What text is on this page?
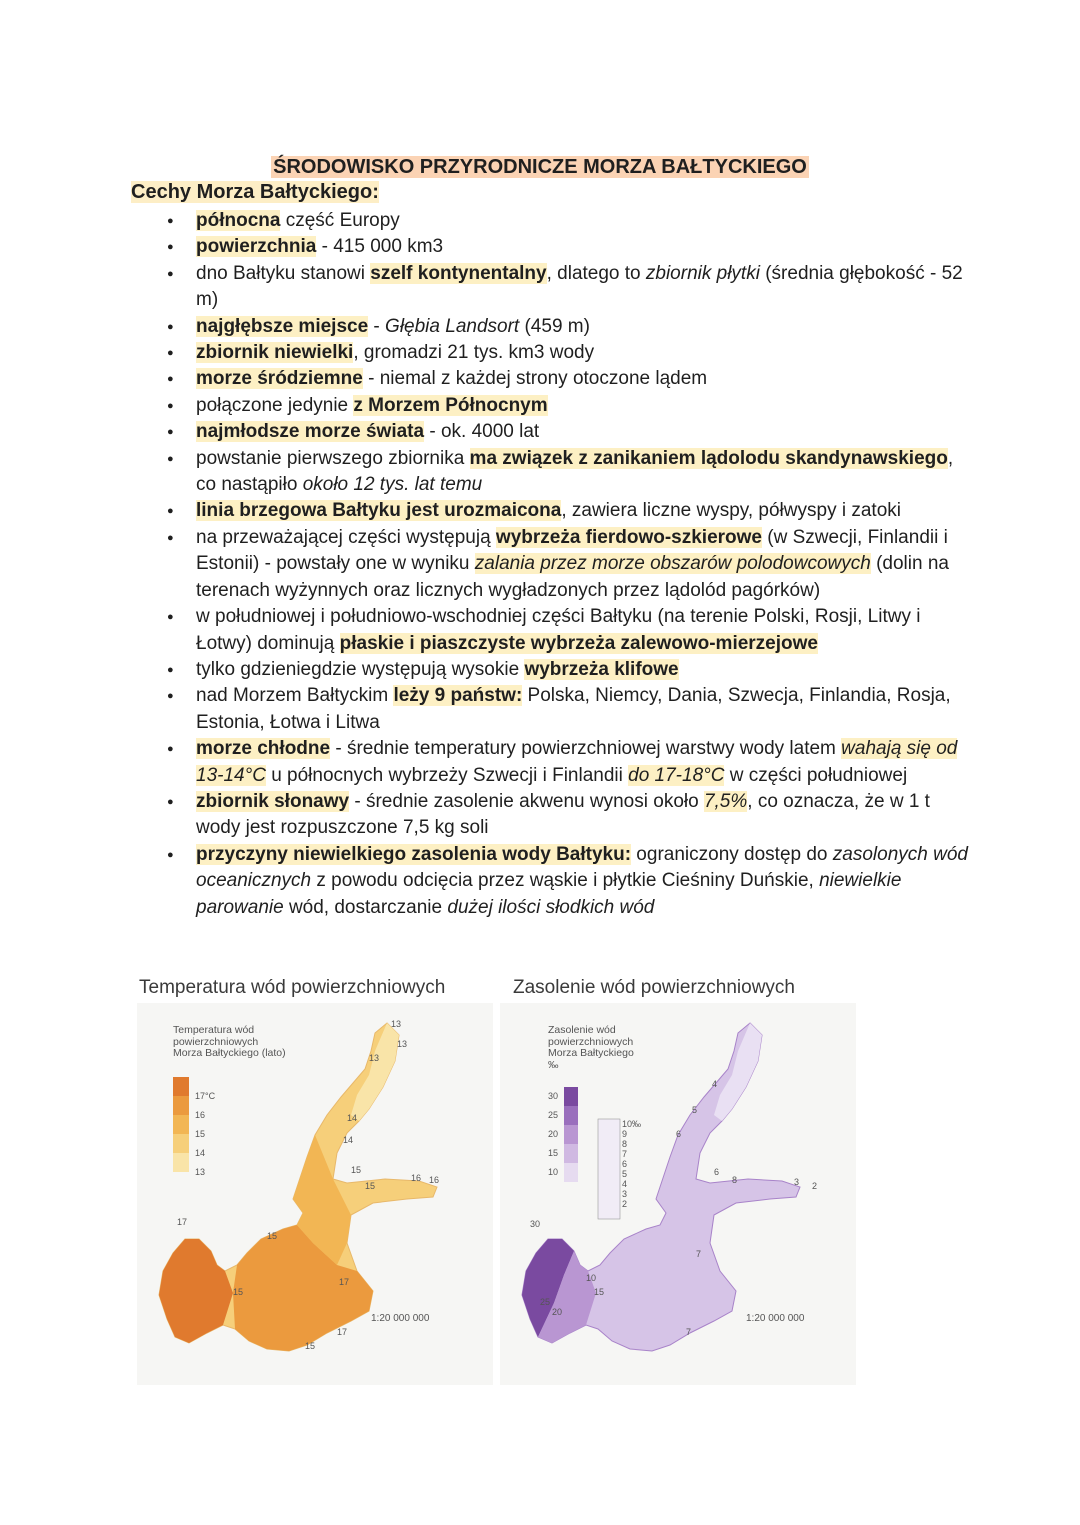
ŚRODOWISKO PRZYRODNICZE MORZA BAŁTYCKIEGO
Cechy Morza Bałtyckiego:
● północna część Europy
● powierzchnia - 415 000 km3
● dno Bałtyku stanowi szelf kontynentalny, dlatego to zbiornik płytki (średnia głębokość - 52 m)
● najgłębsze miejsce - Głębia Landsort (459 m)
● zbiornik niewielki, gromadzi 21 tys. km3 wody
● morze śródziemne - niemal z każdej strony otoczone lądem
● połączone jedynie z Morzem Północnym
● najmłodsze morze świata - ok. 4000 lat
● powstanie pierwszego zbiornika ma związek z zanikaniem lądolodu skandynawskiego, co nastąpiło około 12 tys. lat temu
● linia brzegowa Bałtyku jest urozmaicona, zawiera liczne wyspy, półwyspy i zatoki
● na przeważającej części występują wybrzeża fierdowo-szkierowe (w Szwecji, Finlandii i Estonii) - powstały one w wyniku zalania przez morze obszarów polodowcowych (dolin na terenach wyżynnych oraz licznych wygładzonych przez lądolód pagórków)
● w południowej i południowo-wschodniej części Bałtyku (na terenie Polski, Rosji, Litwy i Łotwy) dominują płaskie i piaszczyste wybrzeża zalewowo-mierzejowe
● tylko gdzieniegdzie występują wysokie wybrzeża klifowe
● nad Morzem Bałtyckim leży 9 państw: Polska, Niemcy, Dania, Szwecja, Finlandia, Rosja, Estonia, Łotwa i Litwa
● morze chłodne - średnie temperatury powierzchniowej warstwy wody latem wahają się od 13-14°C u północnych wybrzeży Szwecji i Finlandii do 17-18°C w części południowej
● zbiornik słonawy - średnie zasolenie akwenu wynosi około 7,5%, co oznacza, że w 1 t wody jest rozpuszczone 7,5 kg soli
● przyczyny niewielkiego zasolenia wody Bałtyku: ograniczony dostęp do zasolonych wód oceanicznych z powodu odcięcia przez wąskie i płytkie Cieśniny Duńskie, niewielkie parowanie wód, dostarczanie dużej ilości słodkich wód
Temperatura wód powierzchniowych
Temperatura wód
powierzchniowych
Morza Bałtyckiego (lato)
17°C
16
15
14
13
13
13
13
14
14
15
15
16
16
15
17
17
17
15
15
1:20 000 000
Zasolenie wód powierzchniowych
Zasolenie wód
powierzchniowych
Morza Bałtyckiego
‰
30
25
20
15
10
10‰
9
8
7
6
5
4
3
2
4
5
6
6
7
7
8
10
15
20
25
30
3 2
1:20 000 000
